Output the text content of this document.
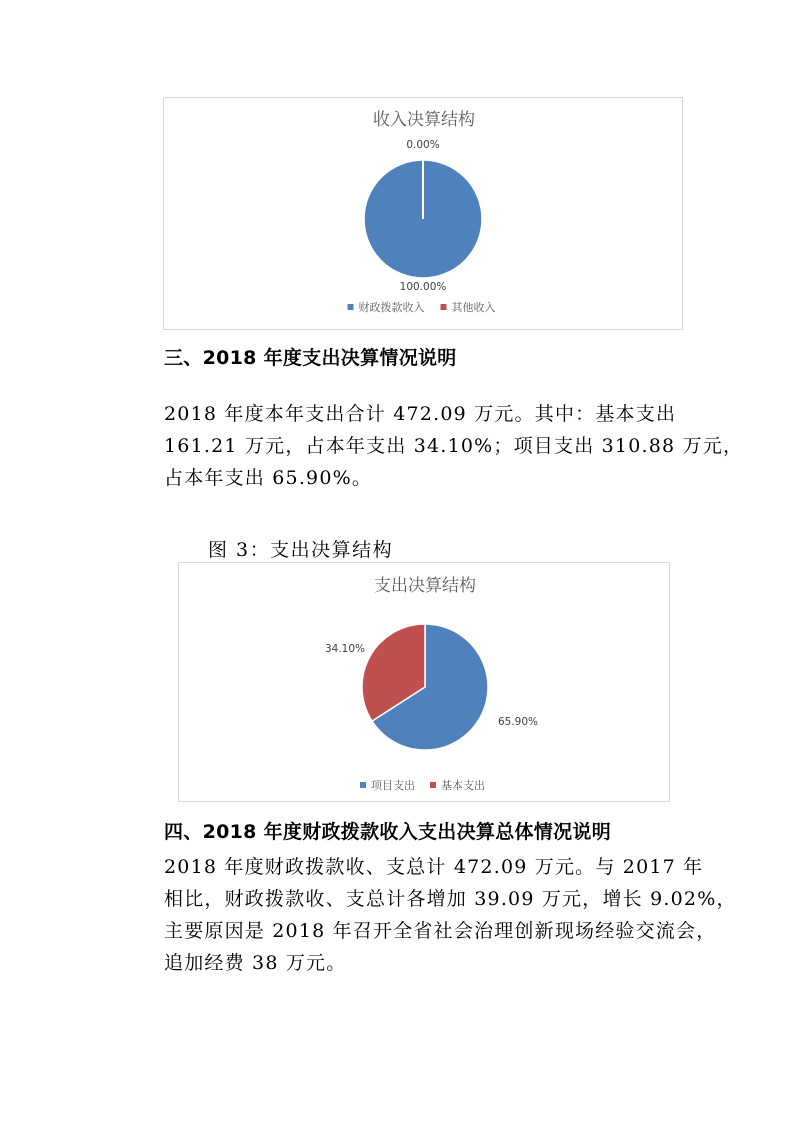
收入决算结构
100.00%
0.00%
财政拨款收入 其他收入
三、2018 年度支出决算情况说明
2018 年度本年支出合计 472.09 万元。其中：基本支出
161.21 万元，占本年支出 34.10%；项目支出 310.88 万元，
占本年支出 65.90%。
图 3：支出决算结构
支出决算结构
65.90%
34.10%
项目支出 基本支出
四、2018 年度财政拨款收入支出决算总体情况说明
2018 年度财政拨款收、支总计 472.09 万元。与 2017 年
相比，财政拨款收、支总计各增加 39.09 万元，增长 9.02%，
主要原因是 2018 年召开全省社会治理创新现场经验交流会，
追加经费 38 万元。
